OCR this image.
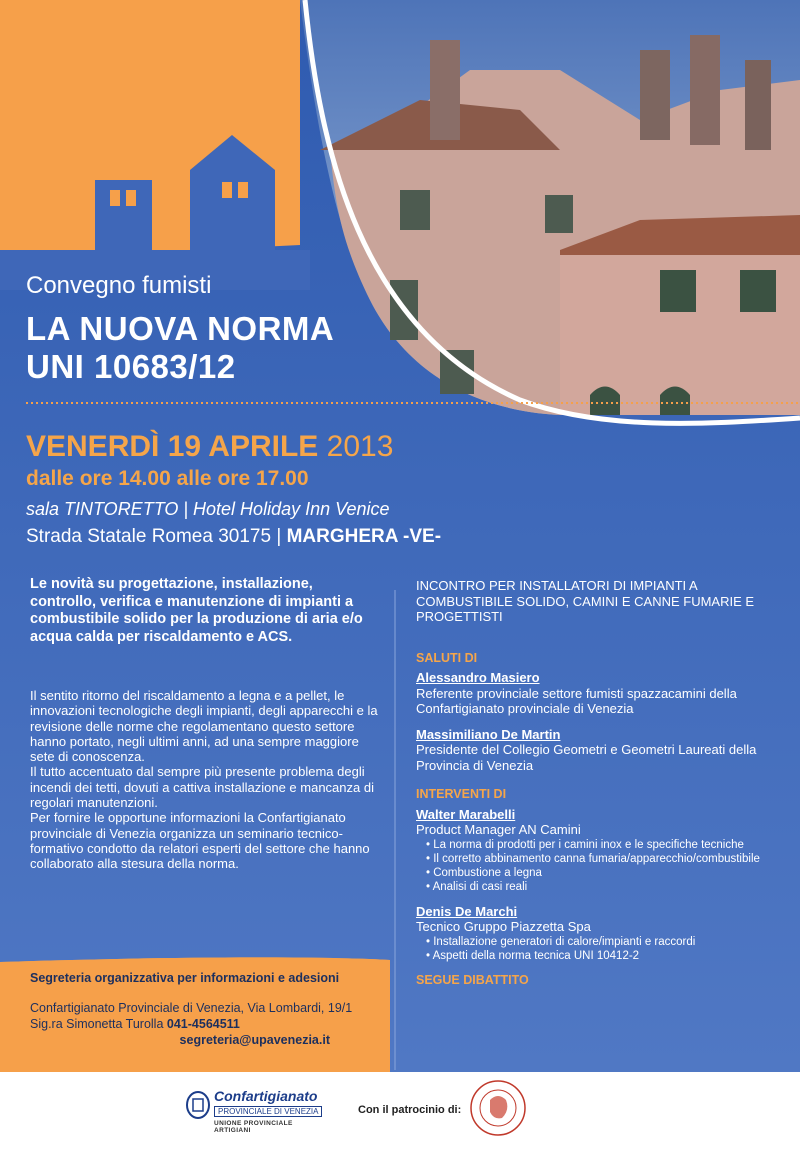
Convegno fumisti

LA NUOVA NORMA

UNI 10683/12

VENERDÌ 19 APRILE 2013

dalle ore 14.00 alle ore 17.00

sala TINTORETTO | Hotel Holiday Inn Venice

Strada Statale Romea 30175 | MARGHERA -VE-

Le novità su progettazione, installazione, controllo, verifica e manutenzione di impianti a combustibile solido per la produzione di aria e/o acqua calda per riscaldamento e ACS.

Il sentito ritorno del riscaldamento a legna e a pellet, le innovazioni tecnologiche degli impianti, degli apparecchi e la revisione delle norme che regolamentano questo settore hanno portato, negli ultimi anni, ad una sempre maggiore sete di conoscenza.

Il tutto accentuato dal sempre più presente problema degli incendi dei tetti, dovuti a cattiva installazione e mancanza di regolari manutenzioni.

Per fornire le opportune informazioni la Confartigianato provinciale di Venezia organizza un seminario tecnico-formativo condotto da relatori esperti del settore che hanno collaborato alla stesura della norma.

INCONTRO PER INSTALLATORI DI IMPIANTI A COMBUSTIBILE SOLIDO, CAMINI E CANNE FUMARIE E PROGETTISTI

SALUTI DI

Alessandro Masiero

Referente provinciale settore fumisti spazzacamini della Confartigianato provinciale di Venezia

Massimiliano De Martin

Presidente del Collegio Geometri e Geometri Laureati della Provincia di Venezia

INTERVENTI DI

Walter Marabelli

Product Manager AN Camini

• La norma di prodotti per i camini inox e le specifiche tecniche
• Il corretto abbinamento canna fumaria/apparecchio/combustibile
• Combustione a legna
• Analisi di casi reali

Denis De Marchi

Tecnico Gruppo Piazzetta Spa

• Installazione generatori di calore/impianti e raccordi
• Aspetti della norma tecnica UNI 10412-2

SEGUE DIBATTITO

Segreteria organizzativa per informazioni e adesioni
Confartigianato Provinciale di Venezia, Via Lombardi, 19/1
Sig.ra Simonetta Turolla 041-4564511
segreteria@upavenezia.it
Confartigianato
PROVINCIALE DI VENEZIA
UNIONE PROVINCIALE ARTIGIANI

Con il patrocinio di:
